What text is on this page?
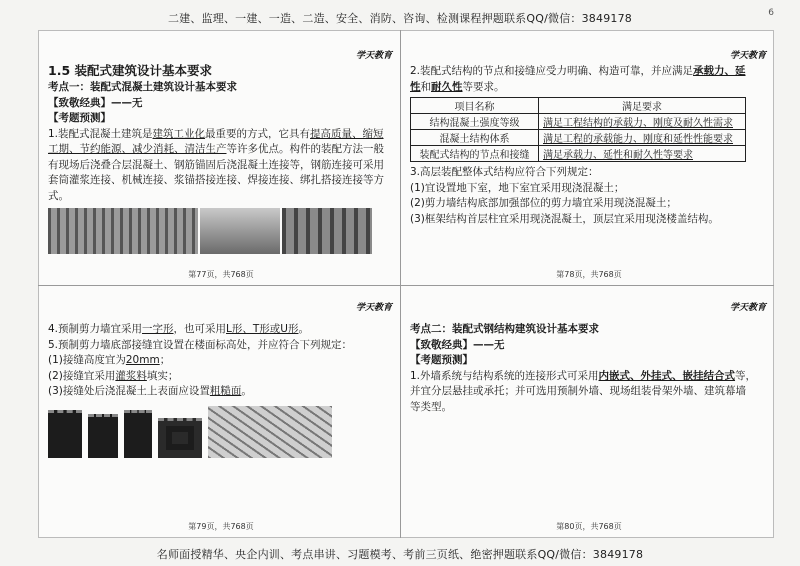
二建、监理、一建、一造、二造、安全、消防、咨询、检测课程押题联系QQ/微信：3849178	6
学天教育
1.5 装配式建筑设计基本要求
考点一：装配式混凝土建筑设计基本要求
【致敬经典】——无
【考题预测】
1.装配式混凝土建筑是建筑工业化最重要的方式，它具有提高质量、缩短
工期、节约能源、减少消耗、清洁生产等许多优点。构件的装配方法一般
有现场后浇叠合层混凝土、钢筋锚固后浇混凝土连接等，钢筋连接可采用
套筒灌浆连接、机械连接、浆锚搭接连接、焊接连接、绑扎搭接连接等方
式。
第77页，共768页
学天教育
2.装配式结构的节点和接缝应受力明确、构造可靠，并应满足承载力、延
性和耐久性等要求。
项目名称	满足要求
结构混凝土强度等级	满足工程结构的承载力、刚度及耐久性需求
混凝土结构体系	满足工程的承载能力、刚度和延性性能要求
装配式结构的节点和接缝	满足承载力、延性和耐久性等要求
3.高层装配整体式结构应符合下列规定：
(1)宜设置地下室，地下室宜采用现浇混凝土；
(2)剪力墙结构底部加强部位的剪力墙宜采用现浇混凝土；
(3)框架结构首层柱宜采用现浇混凝土，顶层宜采用现浇楼盖结构。
第78页，共768页
学天教育
4.预制剪力墙宜采用一字形，也可采用L形、T形或U形。
5.预制剪力墙底部接缝宜设置在楼面标高处，并应符合下列规定：
(1)接缝高度宜为20mm；
(2)接缝宜采用灌浆料填实；
(3)接缝处后浇混凝土上表面应设置粗糙面。
第79页，共768页
学天教育
考点二：装配式钢结构建筑设计基本要求
【致敬经典】——无
【考题预测】
1.外墙系统与结构系统的连接形式可采用内嵌式、外挂式、嵌挂结合式等，
并宜分层悬挂或承托；并可选用预制外墙、现场组装骨架外墙、建筑幕墙
等类型。
第80页，共768页
名师面授精华、央企内训、考点串讲、习题模考、考前三页纸、绝密押题联系QQ/微信：3849178
